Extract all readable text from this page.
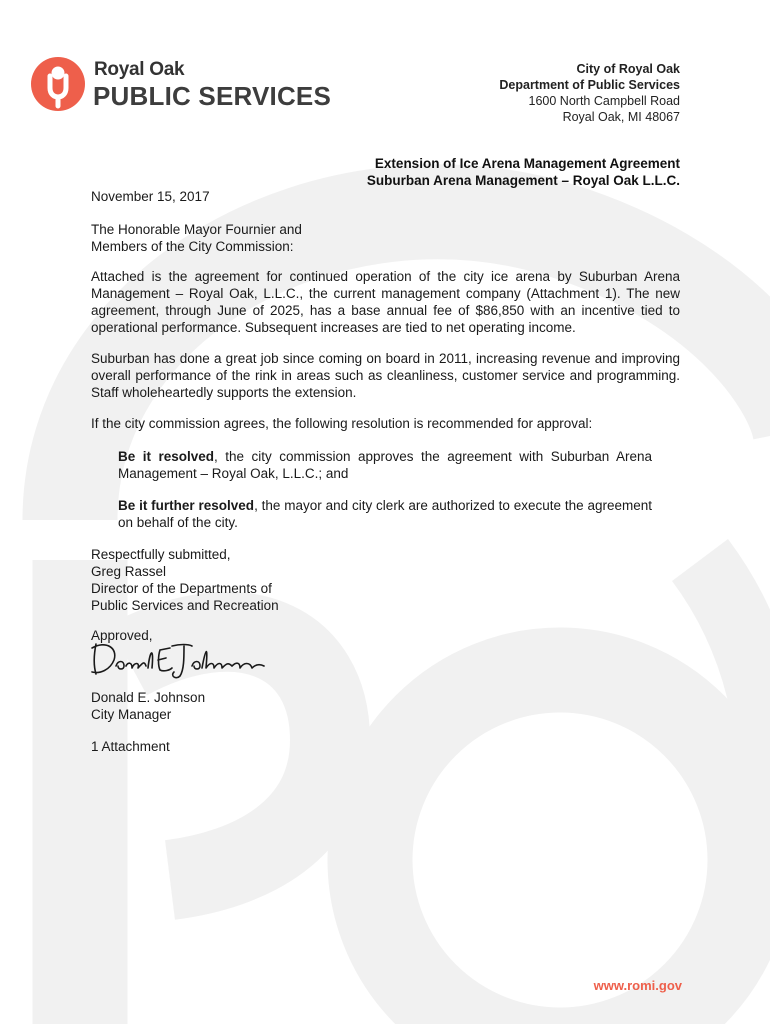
Royal Oak
PUBLIC SERVICES
City of Royal Oak
Department of Public Services
1600 North Campbell Road
Royal Oak, MI 48067
Extension of Ice Arena Management Agreement
Suburban Arena Management – Royal Oak L.L.C.
November 15, 2017
The Honorable Mayor Fournier and
Members of the City Commission:
Attached is the agreement for continued operation of the city ice arena by Suburban Arena Management – Royal Oak, L.L.C., the current management company (Attachment 1). The new agreement, through June of 2025, has a base annual fee of $86,850 with an incentive tied to operational performance. Subsequent increases are tied to net operating income.
Suburban has done a great job since coming on board in 2011, increasing revenue and improving overall performance of the rink in areas such as cleanliness, customer service and programming. Staff wholeheartedly supports the extension.
If the city commission agrees, the following resolution is recommended for approval:
Be it resolved, the city commission approves the agreement with Suburban Arena Management – Royal Oak, L.L.C.; and
Be it further resolved, the mayor and city clerk are authorized to execute the agreement on behalf of the city.
Respectfully submitted,
Greg Rassel
Director of the Departments of
Public Services and Recreation
Approved,
Donald E. Johnson
City Manager
1 Attachment
www.romi.gov
